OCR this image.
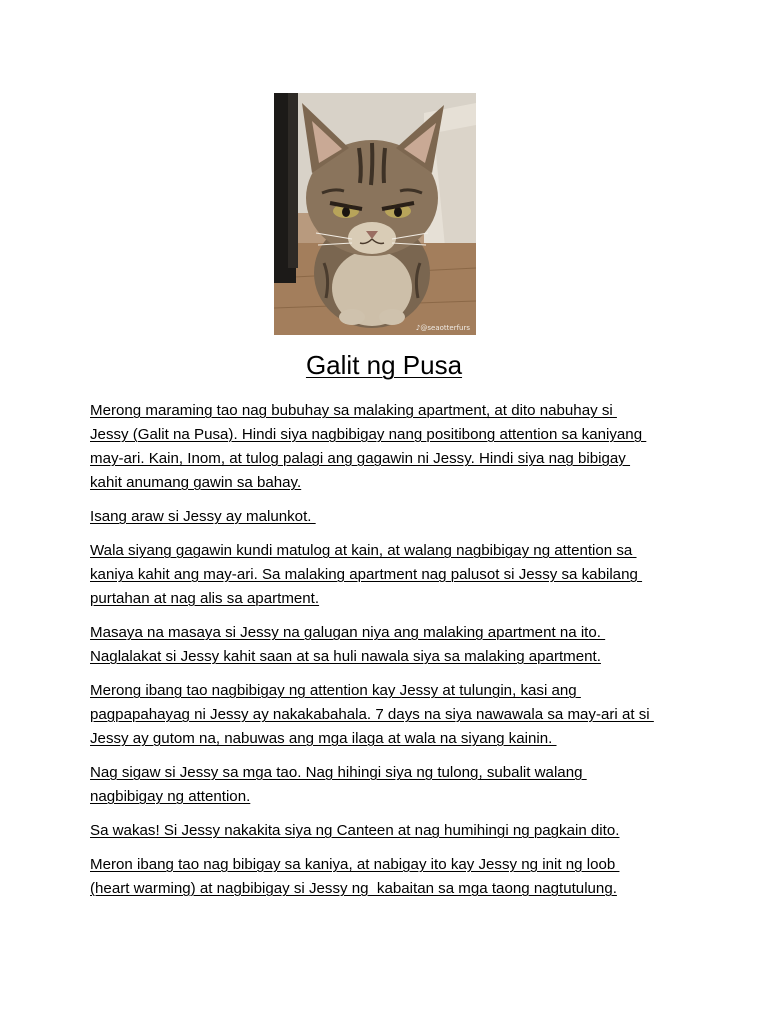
♪@seaotterfurs
Galit ng Pusa

Merong maraming tao nag bubuhay sa malaking apartment, at dito nabuhay si
Jessy (Galit na Pusa). Hindi siya nagbibigay nang positibong attention sa kaniyang
may-ari. Kain, Inom, at tulog palagi ang gagawin ni Jessy. Hindi siya nag bibigay
kahit anumang gawin sa bahay.

Isang araw si Jessy ay malunkot.

Wala siyang gagawin kundi matulog at kain, at walang nagbibigay ng attention sa
kaniya kahit ang may-ari. Sa malaking apartment nag palusot si Jessy sa kabilang
purtahan at nag alis sa apartment.

Masaya na masaya si Jessy na galugan niya ang malaking apartment na ito.
Naglalakat si Jessy kahit saan at sa huli nawala siya sa malaking apartment.

Merong ibang tao nagbibigay ng attention kay Jessy at tulungin, kasi ang
pagpapahayag ni Jessy ay nakakabahala. 7 days na siya nawawala sa may-ari at si
Jessy ay gutom na, nabuwas ang mga ilaga at wala na siyang kainin.

Nag sigaw si Jessy sa mga tao. Nag hihingi siya ng tulong, subalit walang
nagbibigay ng attention.

Sa wakas! Si Jessy nakakita siya ng Canteen at nag humihingi ng pagkain dito.

Meron ibang tao nag bibigay sa kaniya, at nabigay ito kay Jessy ng init ng loob
(heart warming) at nagbibigay si Jessy ng  kabaitan sa mga taong nagtutulung.
